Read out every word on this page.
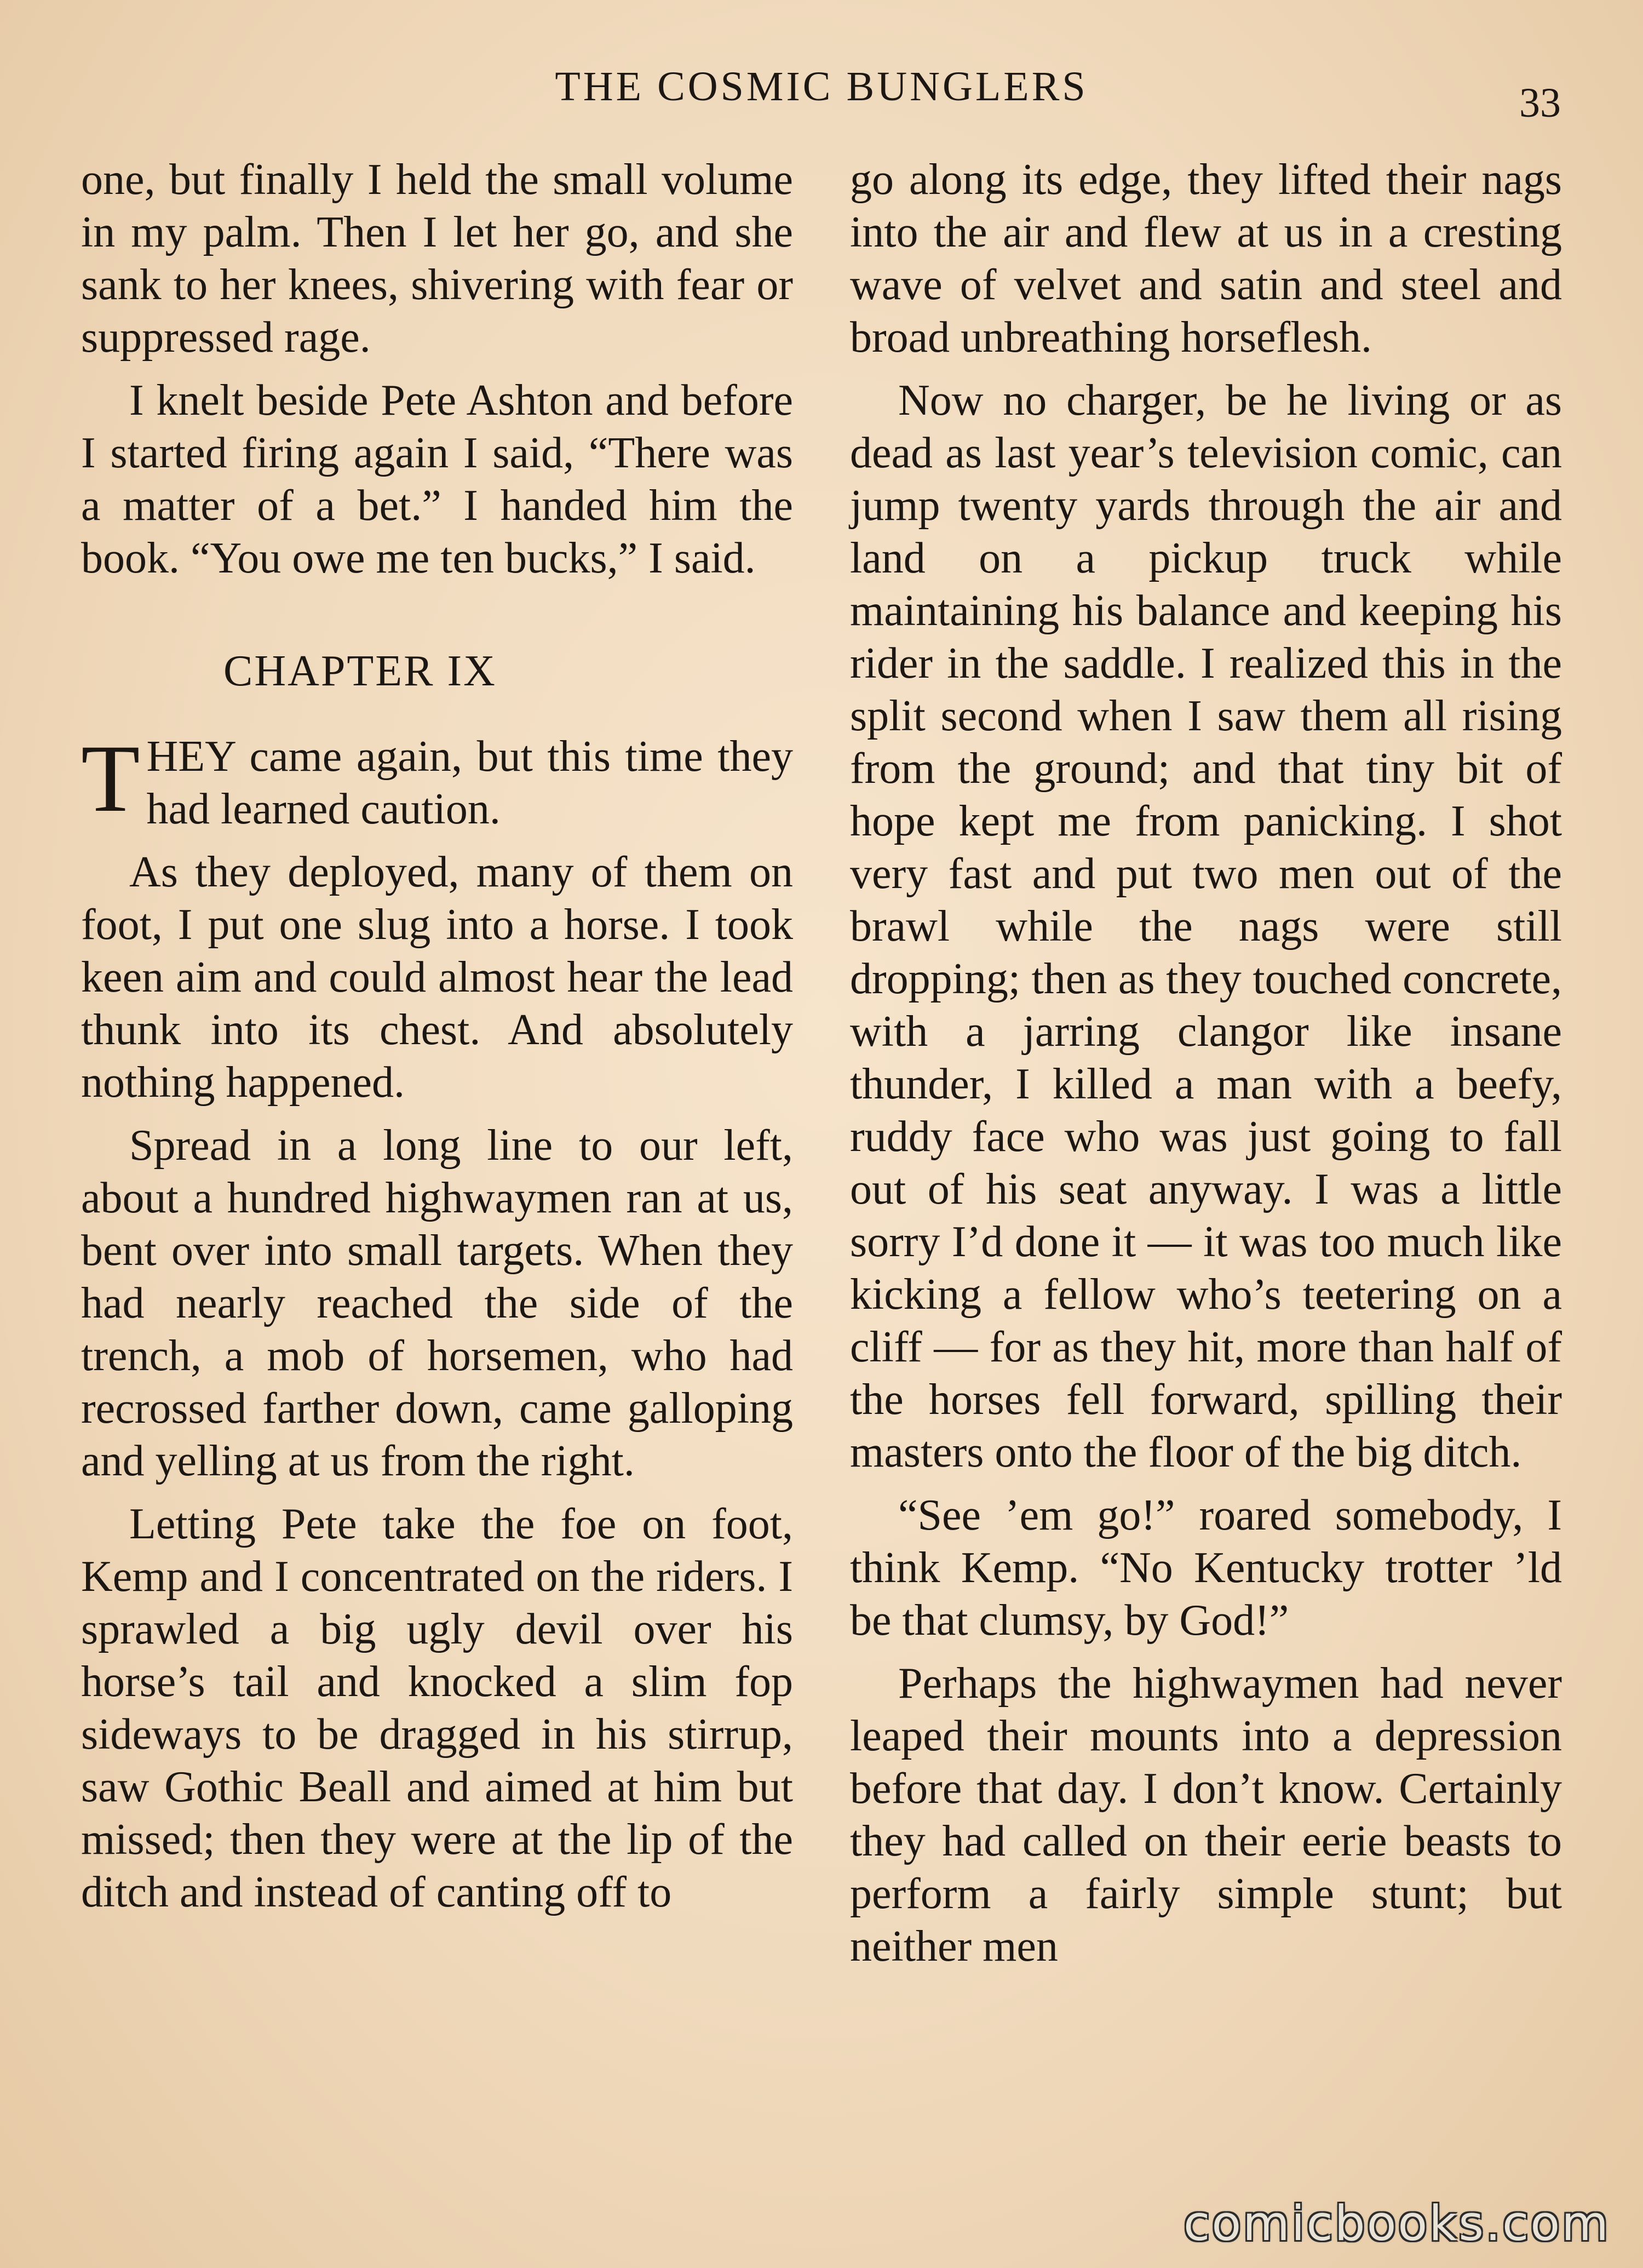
THE COSMIC BUNGLERS	33

one, but finally I held the small volume in my palm. Then I let her go, and she sank to her knees, shivering with fear or suppressed rage.

I knelt beside Pete Ashton and before I started firing again I said, “There was a matter of a bet.” I handed him the book. “You owe me ten bucks,” I said.

CHAPTER IX

THEY came again, but this time they had learned caution.

As they deployed, many of them on foot, I put one slug into a horse. I took keen aim and could almost hear the lead thunk into its chest. And absolutely nothing happened.

Spread in a long line to our left, about a hundred highwaymen ran at us, bent over into small targets. When they had nearly reached the side of the trench, a mob of horsemen, who had recrossed farther down, came galloping and yelling at us from the right.

Letting Pete take the foe on foot, Kemp and I concentrated on the riders. I sprawled a big ugly devil over his horse’s tail and knocked a slim fop sideways to be dragged in his stirrup, saw Gothic Beall and aimed at him but missed; then they were at the lip of the ditch and instead of canting off to

go along its edge, they lifted their nags into the air and flew at us in a cresting wave of velvet and satin and steel and broad unbreathing horseflesh.

Now no charger, be he living or as dead as last year’s television comic, can jump twenty yards through the air and land on a pickup truck while maintaining his balance and keeping his rider in the saddle. I realized this in the split second when I saw them all rising from the ground; and that tiny bit of hope kept me from panicking. I shot very fast and put two men out of the brawl while the nags were still dropping; then as they touched concrete, with a jarring clangor like insane thunder, I killed a man with a beefy, ruddy face who was just going to fall out of his seat anyway. I was a little sorry I’d done it — it was too much like kicking a fellow who’s teetering on a cliff — for as they hit, more than half of the horses fell forward, spilling their masters onto the floor of the big ditch.

“See ’em go!” roared somebody, I think Kemp. “No Kentucky trotter ’ld be that clumsy, by God!”

Perhaps the highwaymen had never leaped their mounts into a depression before that day. I don’t know. Certainly they had called on their eerie beasts to perform a fairly simple stunt; but neither men

comicbooks.com
